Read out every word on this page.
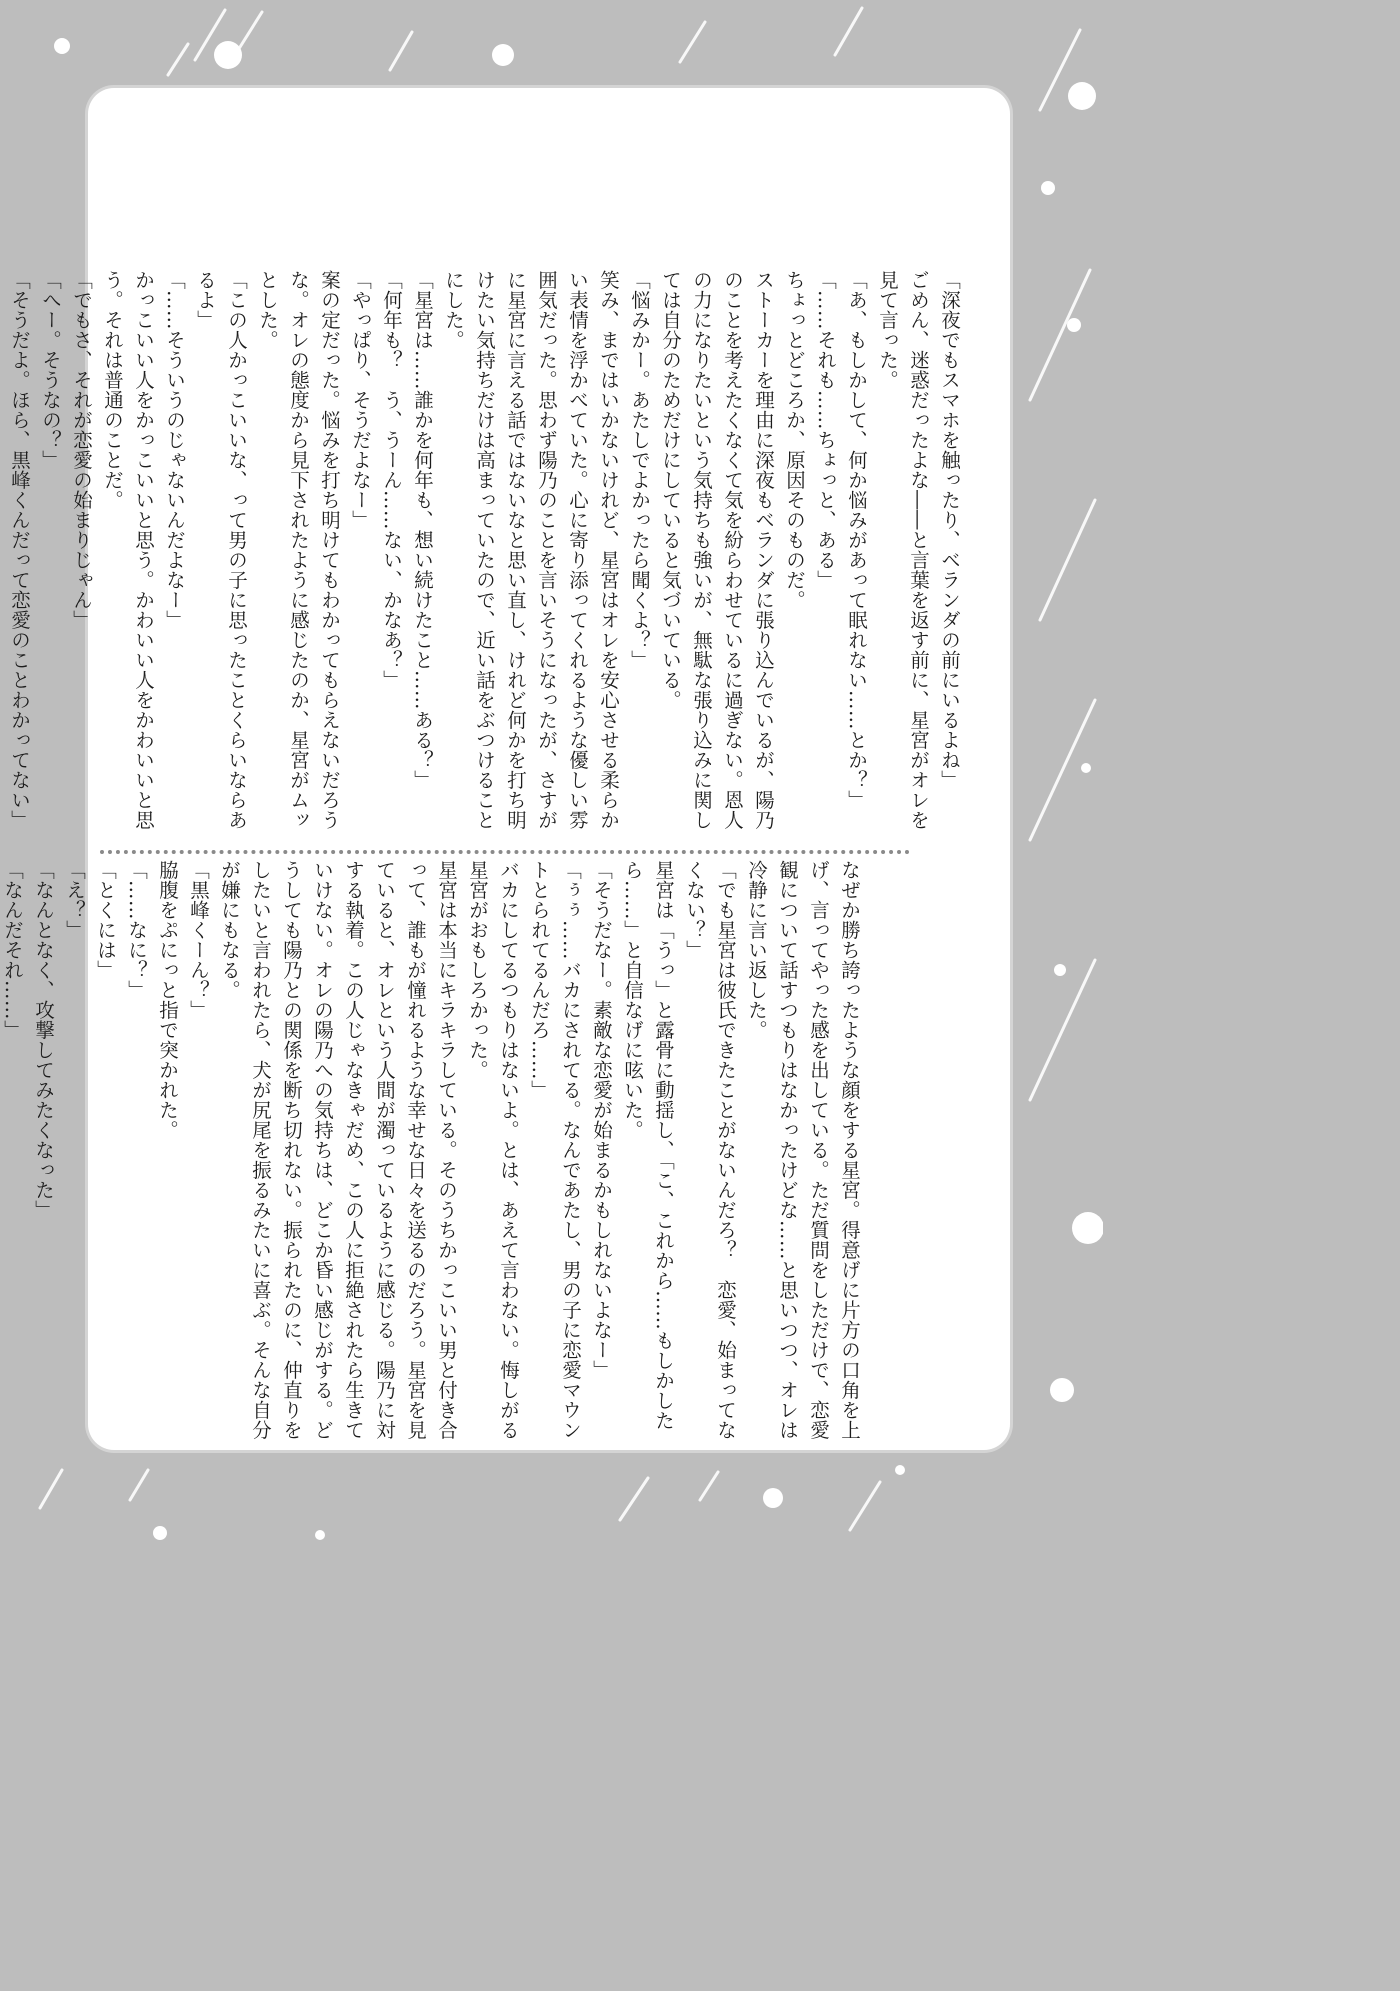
「深夜でもスマホを触ったり、ベランダの前にいるよね」

ごめん、迷惑だったよな――と言葉を返す前に、星宮がオレを見て言った。

「あ、もしかして、何か悩みがあって眠れない……とか？」

「……それも……ちょっと、ある」

ちょっとどころか、原因そのものだ。

ストーカーを理由に深夜もベランダに張り込んでいるが、陽乃のことを考えたくなくて気を紛らわせているに過ぎない。恩人の力になりたいという気持ちも強いが、無駄な張り込みに関しては自分のためだけにしていると気づいている。

「悩みかー。あたしでよかったら聞くよ？」

笑み、まではいかないけれど、星宮はオレを安心させる柔らかい表情を浮かべていた。心に寄り添ってくれるような優しい雰囲気だった。思わず陽乃のことを言いそうになったが、さすがに星宮に言える話ではないなと思い直し、けれど何かを打ち明けたい気持ちだけは高まっていたので、近い話をぶつけることにした。

「星宮は……誰かを何年も、想い続けたこと……ある？」

「何年も？　う、うーん……ない、かなあ？」

「やっぱり、そうだよなー」

案の定だった。悩みを打ち明けてもわかってもらえないだろうな。オレの態度から見下されたように感じたのか、星宮がムッとした。

「この人かっこいいな、って男の子に思ったことくらいならあるよ」

「……そういうのじゃないんだよなー」

かっこいい人をかっこいいと思う。かわいい人をかわいいと思う。それは普通のことだ。

「でもさ、それが恋愛の始まりじゃん」

「へー。そうなの？」

「そうだよ。ほら、黒峰くんだって恋愛のことわかってない」

なぜか勝ち誇ったような顔をする星宮。得意げに片方の口角を上げ、言ってやった感を出している。ただ質問をしただけで、恋愛観について話すつもりはなかったけどな……と思いつつ、オレは冷静に言い返した。

「でも星宮は彼氏できたことがないんだろ？　恋愛、始まってなくない？」

星宮は「うっ」と露骨に動揺し、「こ、これから……もしかしたら……」と自信なげに呟いた。

「そうだなー。素敵な恋愛が始まるかもしれないよなー」

「ぅぅ……バカにされてる。なんであたし、男の子に恋愛マウントとられてるんだろ……」

バカにしてるつもりはないよ。とは、あえて言わない。悔しがる星宮がおもしろかった。

星宮は本当にキラキラしている。そのうちかっこいい男と付き合って、誰もが憧れるような幸せな日々を送るのだろう。星宮を見ていると、オレという人間が濁っているように感じる。陽乃に対する執着。この人じゃなきゃだめ、この人に拒絶されたら生きていけない。オレの陽乃への気持ちは、どこか昏い感じがする。どうしても陽乃との関係を断ち切れない。振られたのに、仲直りをしたいと言われたら、犬が尻尾を振るみたいに喜ぶ。そんな自分が嫌にもなる。

「黒峰くーん？」

脇腹をぷにっと指で突かれた。

「……なに？」

「とくには」

「え？」

「なんとなく、攻撃してみたくなった」

「なんだそれ……」
